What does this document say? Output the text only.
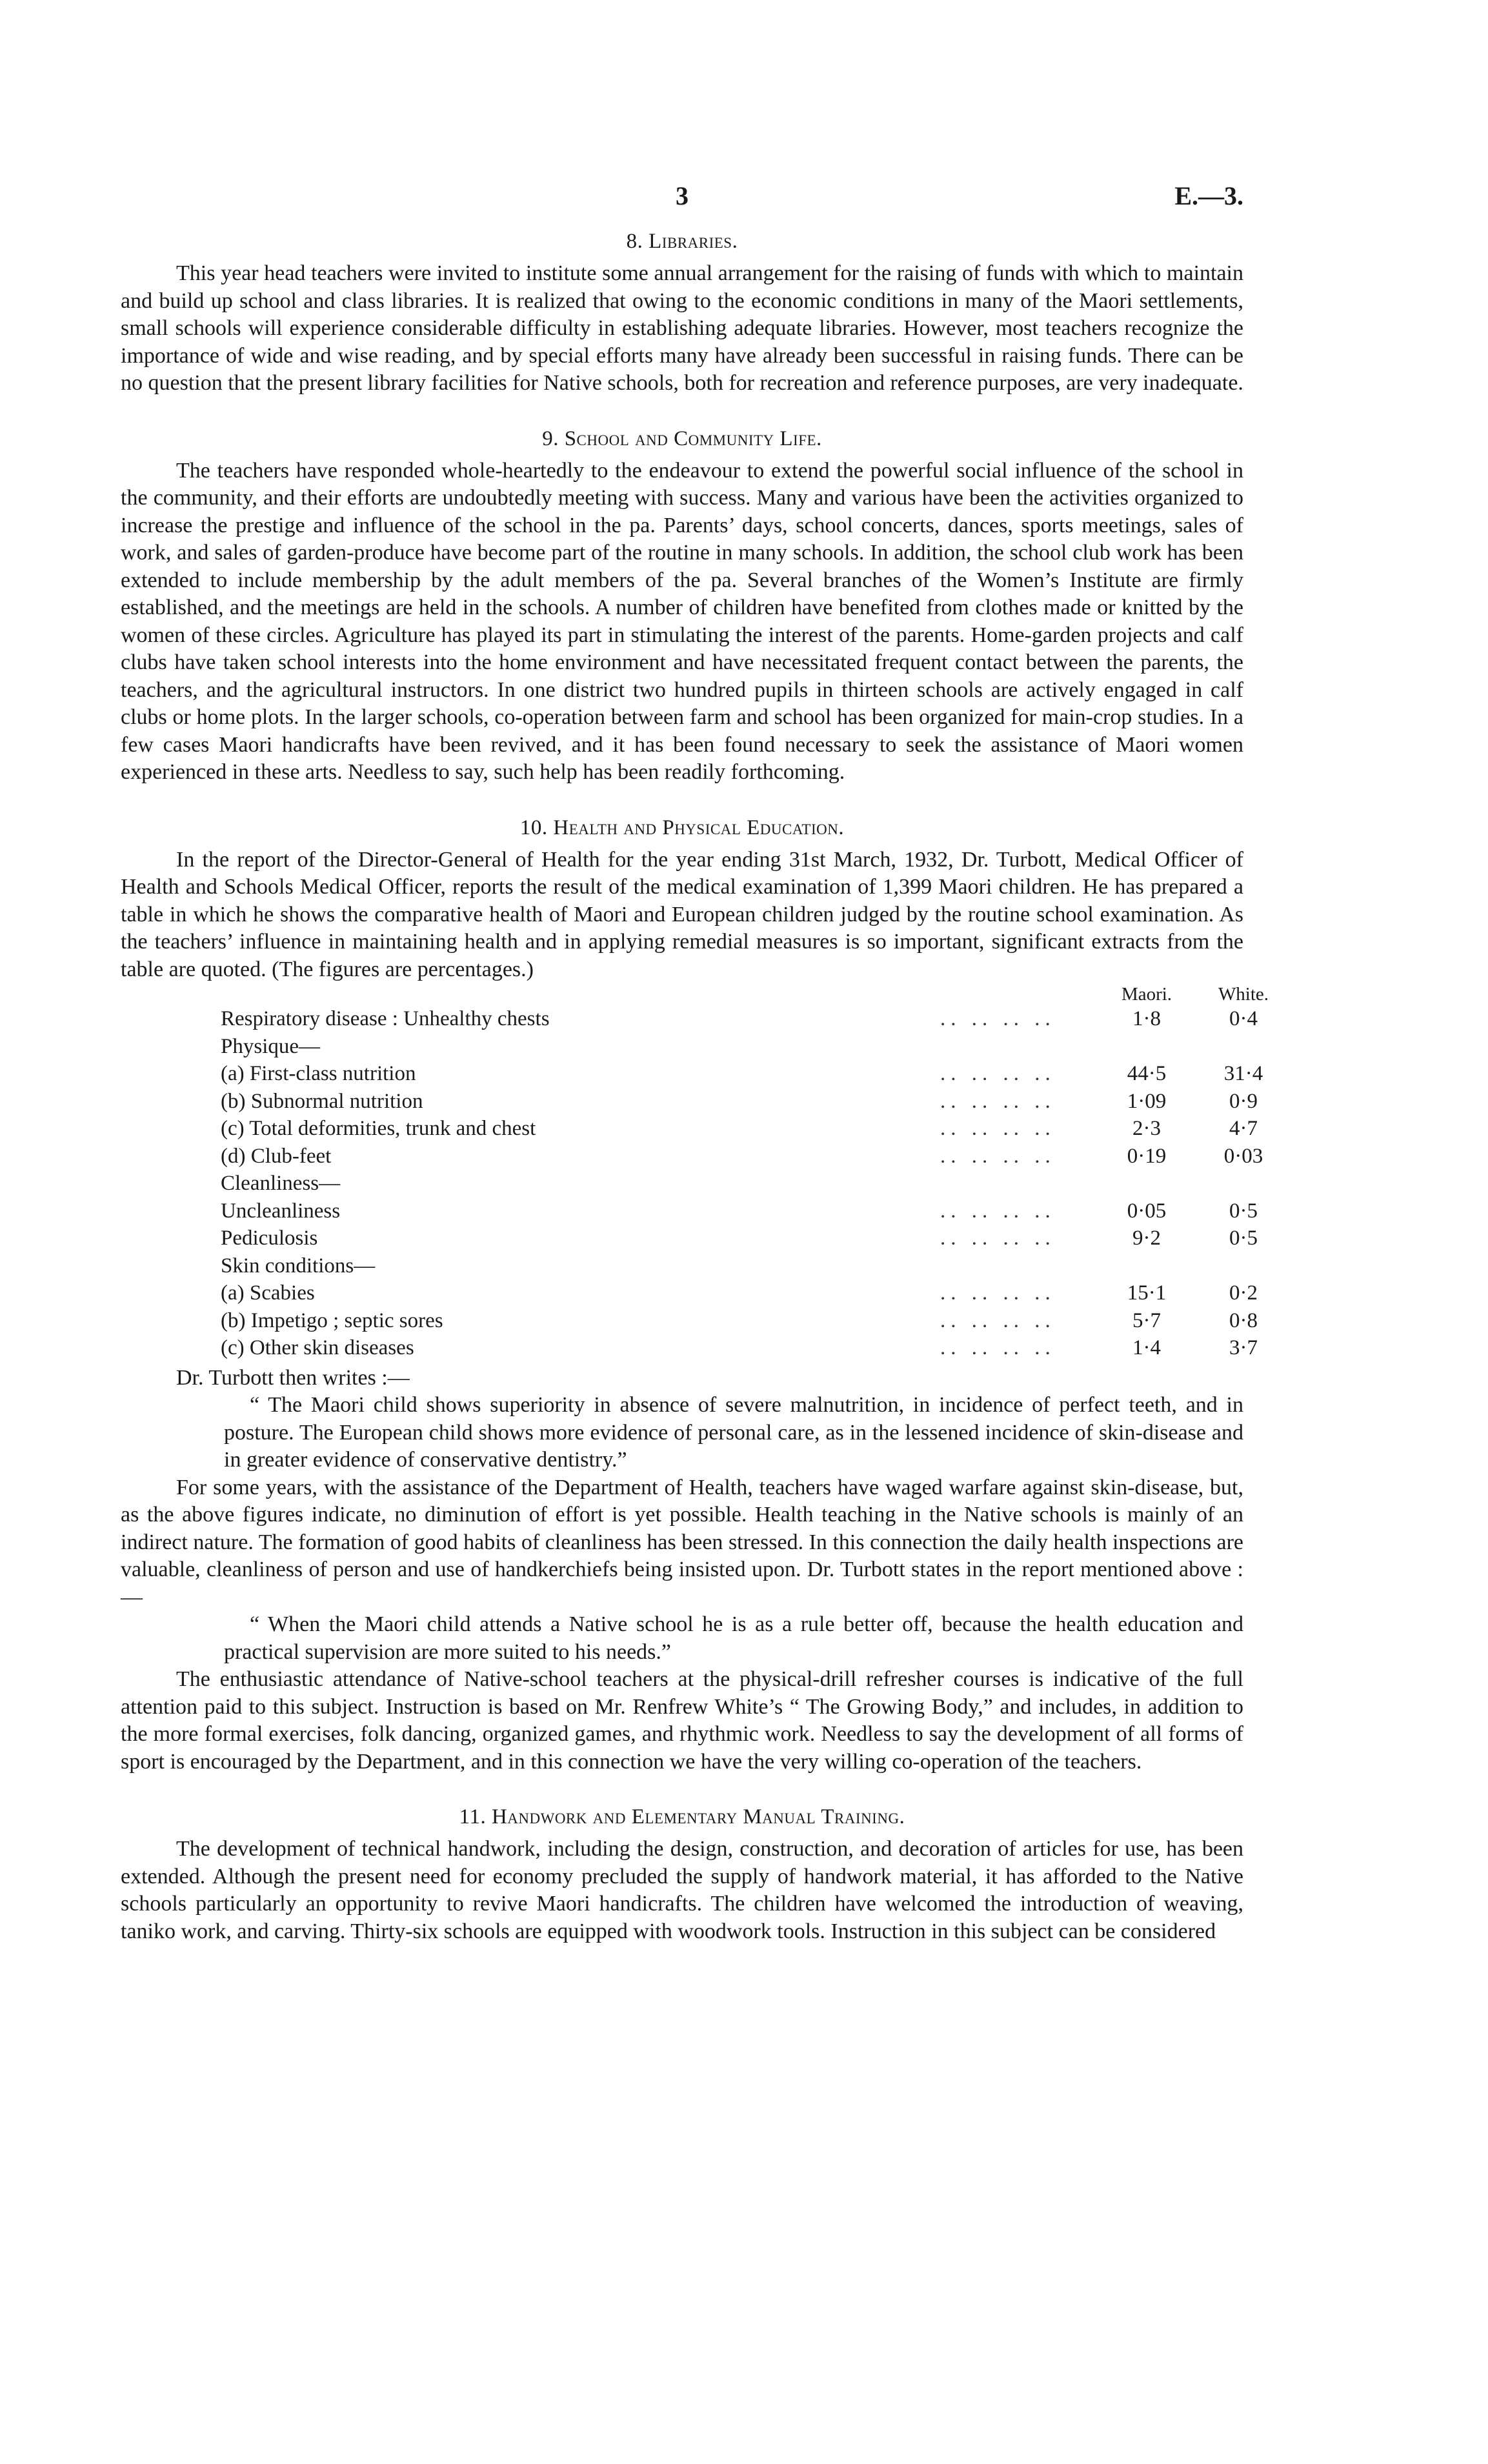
3	E.—3.
8. Libraries.

This year head teachers were invited to institute some annual arrangement for the raising of funds with which to maintain and build up school and class libraries. It is realized that owing to the economic conditions in many of the Maori settlements, small schools will experience considerable difficulty in establishing adequate libraries. However, most teachers recognize the importance of wide and wise reading, and by special efforts many have already been successful in raising funds. There can be no question that the present library facilities for Native schools, both for recreation and reference purposes, are very inadequate.

9. School and Community Life.

The teachers have responded whole-heartedly to the endeavour to extend the powerful social influence of the school in the community, and their efforts are undoubtedly meeting with success. Many and various have been the activities organized to increase the prestige and influence of the school in the pa. Parents’ days, school concerts, dances, sports meetings, sales of work, and sales of garden-produce have become part of the routine in many schools. In addition, the school club work has been extended to include membership by the adult members of the pa. Several branches of the Women’s Institute are firmly established, and the meetings are held in the schools. A number of children have benefited from clothes made or knitted by the women of these circles. Agriculture has played its part in stimulating the interest of the parents. Home-garden projects and calf clubs have taken school interests into the home environment and have necessitated frequent contact between the parents, the teachers, and the agricultural instructors. In one district two hundred pupils in thirteen schools are actively engaged in calf clubs or home plots. In the larger schools, co-operation between farm and school has been organized for main-crop studies. In a few cases Maori handicrafts have been revived, and it has been found necessary to seek the assistance of Maori women experienced in these arts. Needless to say, such help has been readily forthcoming.

10. Health and Physical Education.

In the report of the Director-General of Health for the year ending 31st March, 1932, Dr. Turbott, Medical Officer of Health and Schools Medical Officer, reports the result of the medical examination of 1,399 Maori children. He has prepared a table in which he shows the comparative health of Maori and European children judged by the routine school examination. As the teachers’ influence in maintaining health and in applying remedial measures is so important, significant extracts from the table are quoted. (The figures are percentages.)

		Maori.	White.
Respiratory disease : Unhealthy chests	.. .. .. ..	1·8	0·4
Physique—			
(a) First-class nutrition	.. .. .. ..	44·5	31·4
(b) Subnormal nutrition	.. .. .. ..	1·09	0·9
(c) Total deformities, trunk and chest	.. .. .. ..	2·3	4·7
(d) Club-feet	.. .. .. ..	0·19	0·03
Cleanliness—			
Uncleanliness	.. .. .. ..	0·05	0·5
Pediculosis	.. .. .. ..	9·2	0·5
Skin conditions—			
(a) Scabies	.. .. .. ..	15·1	0·2
(b) Impetigo ; septic sores	.. .. .. ..	5·7	0·8
(c) Other skin diseases	.. .. .. ..	1·4	3·7

Dr. Turbott then writes :—

“ The Maori child shows superiority in absence of severe malnutrition, in incidence of perfect teeth, and in posture. The European child shows more evidence of personal care, as in the lessened incidence of skin-disease and in greater evidence of conservative dentistry.”

For some years, with the assistance of the Department of Health, teachers have waged warfare against skin-disease, but, as the above figures indicate, no diminution of effort is yet possible. Health teaching in the Native schools is mainly of an indirect nature. The formation of good habits of cleanliness has been stressed. In this connection the daily health inspections are valuable, cleanliness of person and use of handkerchiefs being insisted upon. Dr. Turbott states in the report mentioned above :—

“ When the Maori child attends a Native school he is as a rule better off, because the health education and practical supervision are more suited to his needs.”

The enthusiastic attendance of Native-school teachers at the physical-drill refresher courses is indicative of the full attention paid to this subject. Instruction is based on Mr. Renfrew White’s “ The Growing Body,” and includes, in addition to the more formal exercises, folk dancing, organized games, and rhythmic work. Needless to say the development of all forms of sport is encouraged by the Department, and in this connection we have the very willing co-operation of the teachers.

11. Handwork and Elementary Manual Training.

The development of technical handwork, including the design, construction, and decoration of articles for use, has been extended. Although the present need for economy precluded the supply of handwork material, it has afforded to the Native schools particularly an opportunity to revive Maori handicrafts. The children have welcomed the introduction of weaving, taniko work, and carving. Thirty-six schools are equipped with woodwork tools. Instruction in this subject can be considered
